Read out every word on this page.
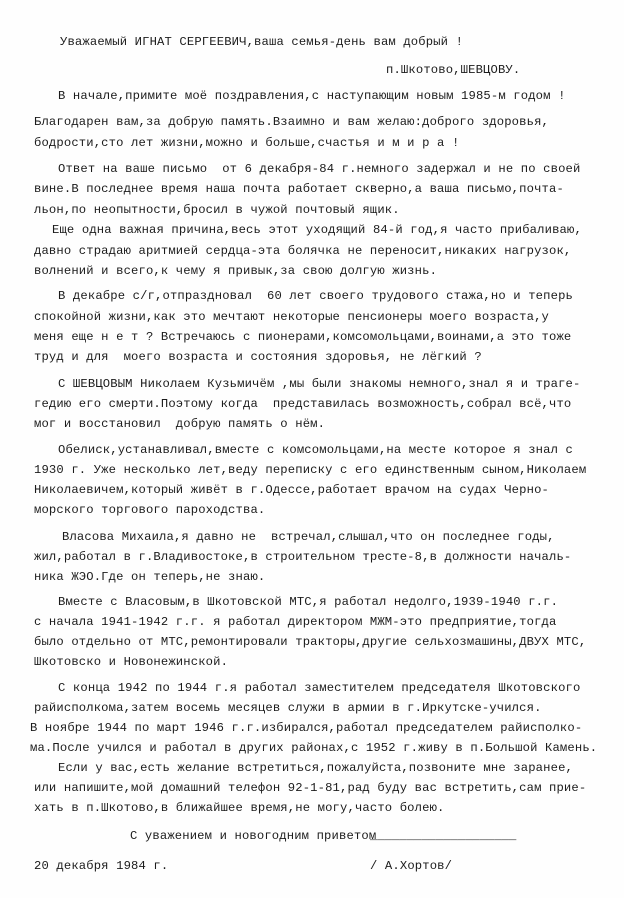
Уважаемый ИГНАТ СЕРГЕЕВИЧ,ваша семья-день вам добрый !
п.Шкотово,ШЕВЦОВУ.
В начале,примите моё поздравления,с наступающим новым 1985-м годом !
Благодарен вам,за добрую память.Взаимно и вам желаю:доброго здоровья,
бодрости,сто лет жизни,можно и больше,счастья и м и р а !
Ответ на ваше письмо  от 6 декабря-84 г.немного задержал и не по своей
вине.В последнее время наша почта работает скверно,а ваша письмо,почта-
льон,по неопытности,бросил в чужой почтовый ящик.
Еще одна важная причина,весь этот уходящий 84-й год,я часто прибаливаю,
давно страдаю аритмией сердца-эта болячка не переносит,никаких нагрузок,
волнений и всего,к чему я привык,за свою долгую жизнь.
В декабре с/г,отпраздновал  60 лет своего трудового стажа,но и теперь
спокойной жизни,как это мечтают некоторые пенсионеры моего возраста,у
меня еще н е т ? Встречаюсь с пионерами,комсомольцами,воинами,а это тоже
труд и для  моего возраста и состояния здоровья, не лёгкий ?
С ШЕВЦОВЫМ Николаем Кузьмичём ,мы были знакомы немного,знал я и траге-
гедию его смерти.Поэтому когда  представилась возможность,собрал всё,что
мог и восстановил  добрую память о нём.
Обелиск,устанавливал,вместе с комсомольцами,на месте которое я знал с
1930 г. Уже несколько лет,веду переписку с его единственным сыном,Николаем
Николаевичем,который живёт в г.Одессе,работает врачом на судах Черно-
морского торгового пароходства.
Власова Михаила,я давно не  встречал,слышал,что он последнее годы,
жил,работал в г.Владивостоке,в строительном тресте-8,в должности началь-
ника ЖЭО.Где он теперь,не знаю.
Вместе с Власовым,в Шкотовской МТС,я работал недолго,1939-1940 г.г.
с начала 1941-1942 г.г. я работал директором МЖМ-это предприятие,тогда
было отдельно от МТС,ремонтировали тракторы,другие сельхозмашины,ДВУХ МТС,
Шкотовско и Новонежинской.
С конца 1942 по 1944 г.я работал заместителем председателя Шкотовского
райисполкома,затем восемь месяцев служи в армии в г.Иркутске-учился.
В ноябре 1944 по март 1946 г.г.избирался,работал председателем райисполко-
ма.После учился и работал в других районах,с 1952 г.живу в п.Большой Камень.
Если у вас,есть желание встретиться,пожалуйста,позвоните мне заранее,
или напишите,мой домашний телефон 92-1-81,рад буду вас встретить,сам прие-
хать в п.Шкотово,в ближайшее время,не могу,часто болею.
С уважением и новогодним приветом
____________________
20 декабря 1984 г.	/ А.Хортов/
